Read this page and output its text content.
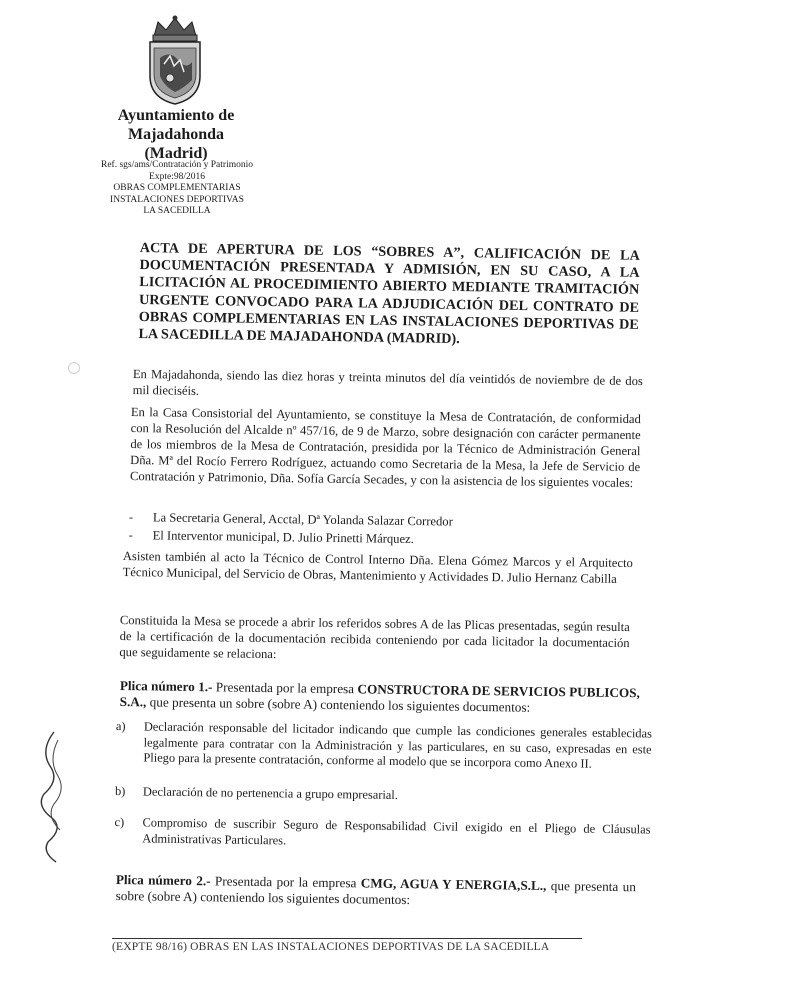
Ayuntamiento de
Majadahonda
(Madrid)
Ref. sgs/ams/Contratación y Patrimonio
Expte:98/2016
OBRAS COMPLEMENTARIAS
INSTALACIONES DEPORTIVAS
LA SACEDILLA
ACTA DE APERTURA DE LOS “SOBRES A”, CALIFICACIÓN DE LA DOCUMENTACIÓN PRESENTADA Y ADMISIÓN, EN SU CASO, A LA LICITACIÓN AL PROCEDIMIENTO ABIERTO MEDIANTE TRAMITACIÓN URGENTE CONVOCADO PARA LA ADJUDICACIÓN DEL CONTRATO DE OBRAS COMPLEMENTARIAS EN LAS INSTALACIONES DEPORTIVAS DE LA SACEDILLA DE MAJADAHONDA (MADRID).
En Majadahonda, siendo las diez horas y treinta minutos del día veintidós de noviembre de de dos mil dieciséis.
En la Casa Consistorial del Ayuntamiento, se constituye la Mesa de Contratación, de conformidad con la Resolución del Alcalde nº 457/16, de 9 de Marzo, sobre designación con carácter permanente de los miembros de la Mesa de Contratación, presidida por la Técnico de Administración General Dña. Mª del Rocío Ferrero Rodríguez, actuando como Secretaria de la Mesa, la Jefe de Servicio de Contratación y Patrimonio, Dña. Sofía García Secades, y con la asistencia de los siguientes vocales:
- La Secretaria General, Acctal, Dª Yolanda Salazar Corredor
- El Interventor municipal, D. Julio Prinetti Márquez.
Asisten también al acto la Técnico de Control Interno Dña. Elena Gómez Marcos y el Arquitecto Técnico Municipal, del Servicio de Obras, Mantenimiento y Actividades D. Julio Hernanz Cabilla
Constituida la Mesa se procede a abrir los referidos sobres A de las Plicas presentadas, según resulta de la certificación de la documentación recibida conteniendo por cada licitador la documentación que seguidamente se relaciona:
Plica número 1.- Presentada por la empresa CONSTRUCTORA DE SERVICIOS PUBLICOS, S.A., que presenta un sobre (sobre A) conteniendo los siguientes documentos:
a) Declaración responsable del licitador indicando que cumple las condiciones generales establecidas legalmente para contratar con la Administración y las particulares, en su caso, expresadas en este Pliego para la presente contratación, conforme al modelo que se incorpora como Anexo II.
b) Declaración de no pertenencia a grupo empresarial.
c) Compromiso de suscribir Seguro de Responsabilidad Civil exigido en el Pliego de Cláusulas Administrativas Particulares.
Plica número 2.- Presentada por la empresa CMG, AGUA Y ENERGIA,S.L., que presenta un sobre (sobre A) conteniendo los siguientes documentos:
(EXPTE 98/16) OBRAS EN LAS INSTALACIONES DEPORTIVAS DE LA SACEDILLA
